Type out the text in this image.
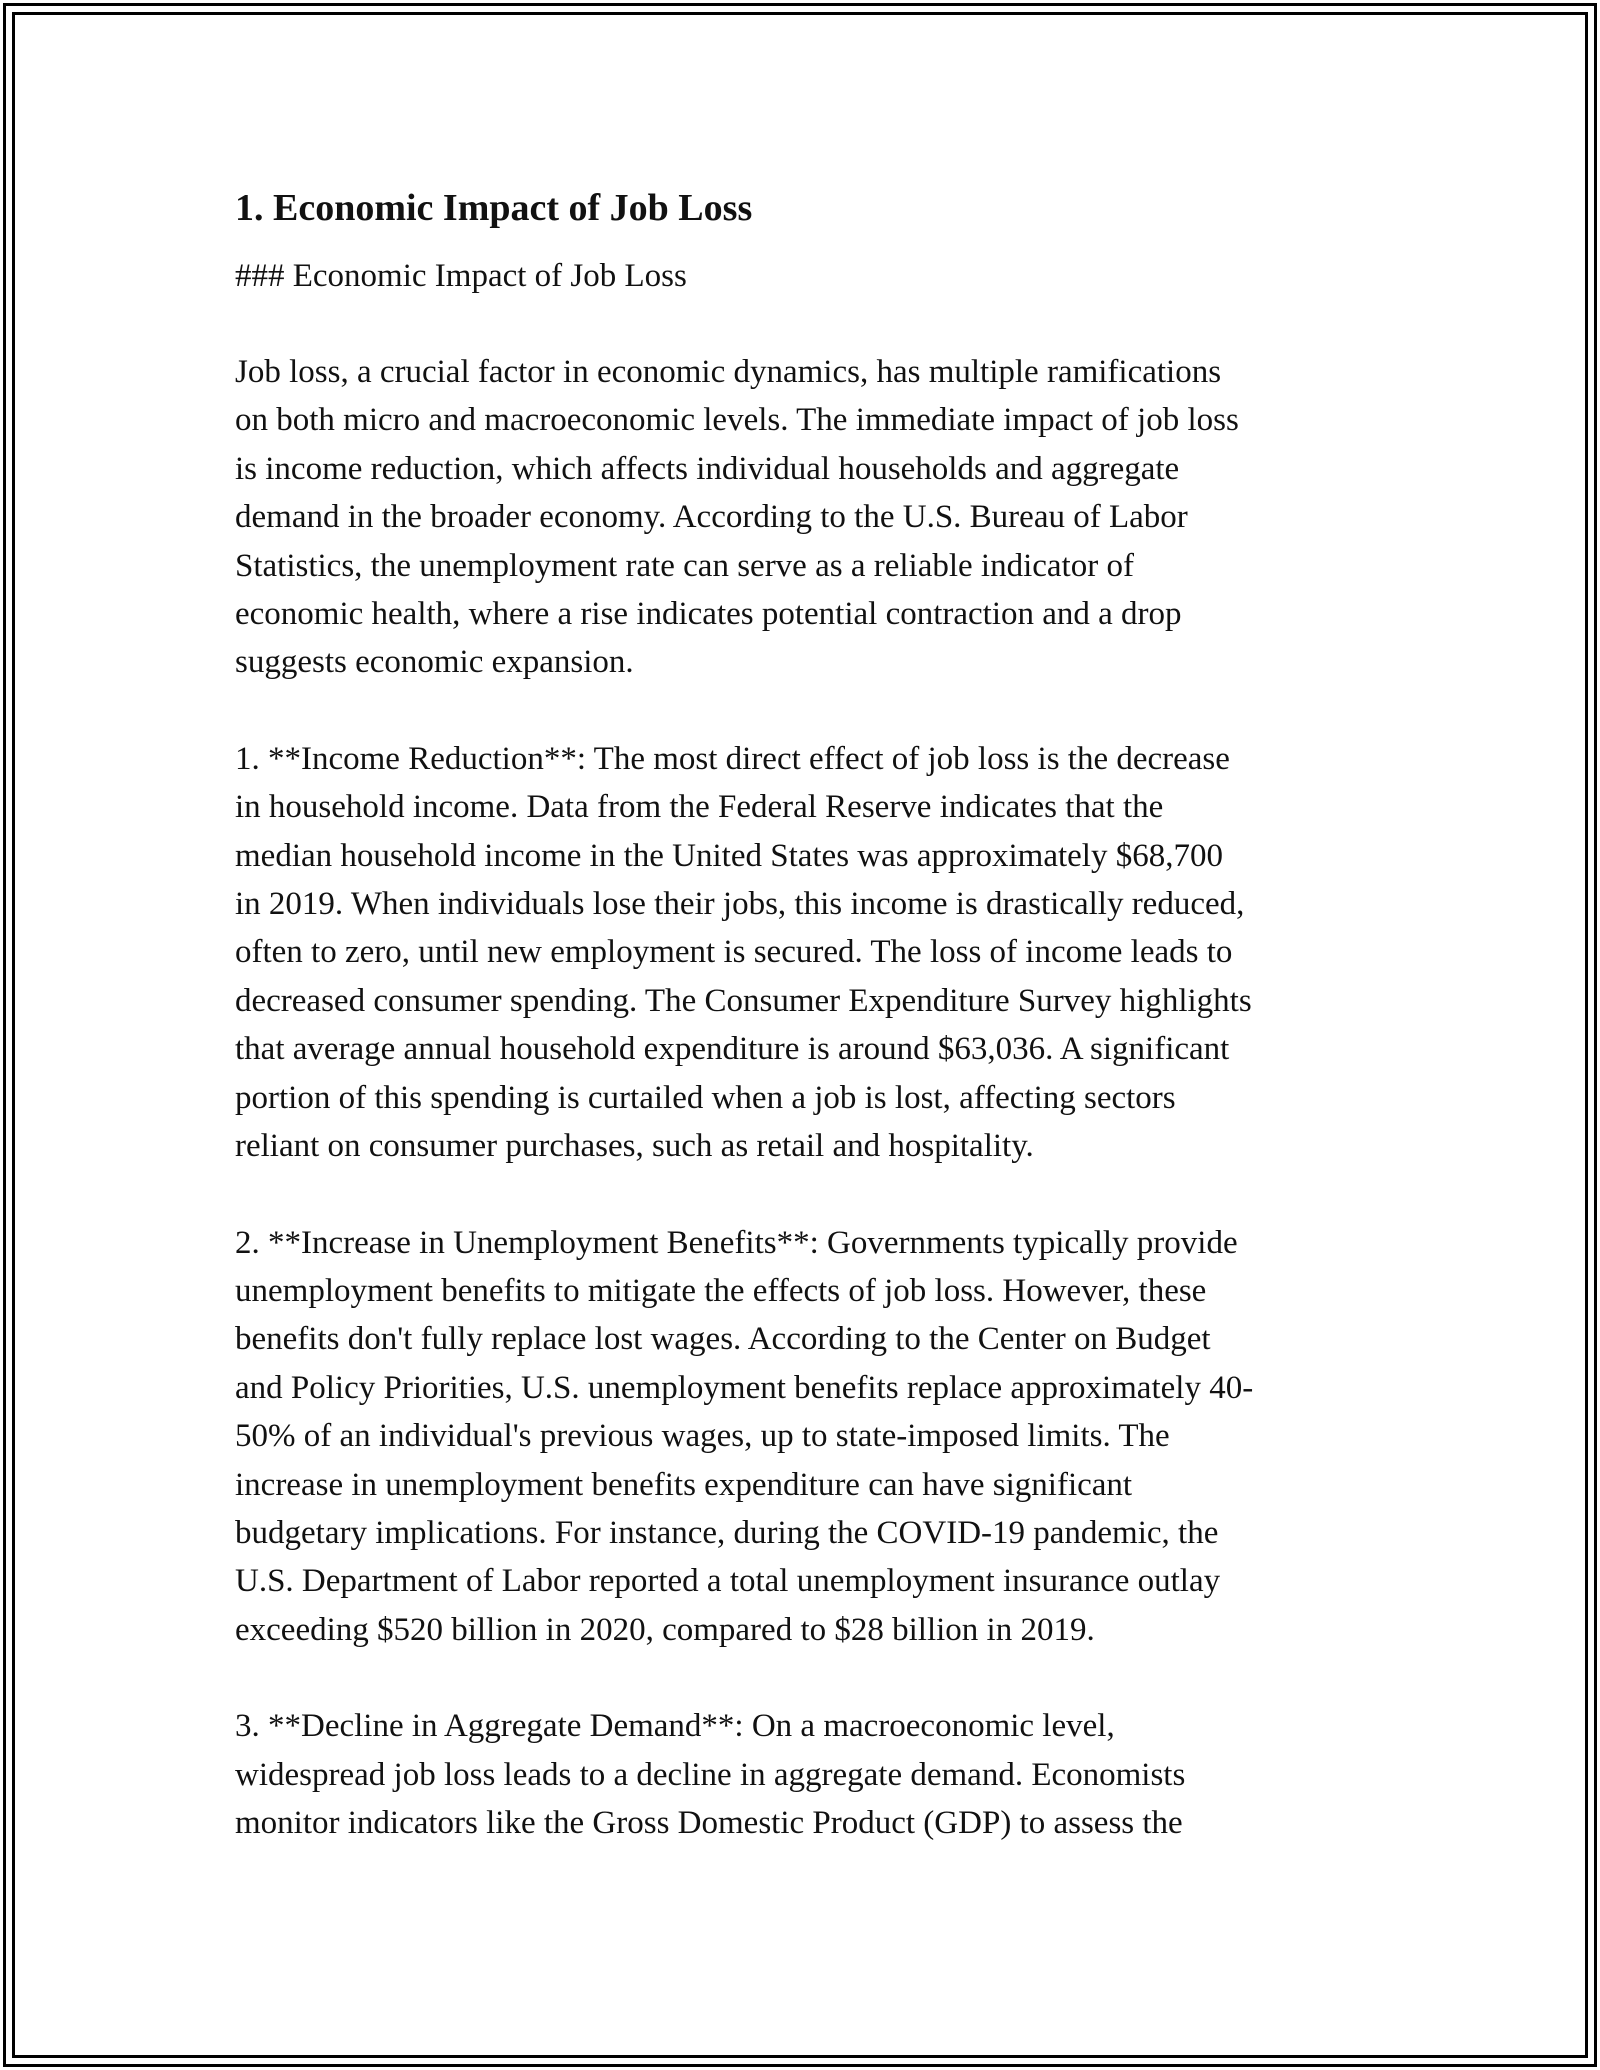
1. Economic Impact of Job Loss
### Economic Impact of Job Loss
Job loss, a crucial factor in economic dynamics, has multiple ramifications
on both micro and macroeconomic levels. The immediate impact of job loss
is income reduction, which affects individual households and aggregate
demand in the broader economy. According to the U.S. Bureau of Labor
Statistics, the unemployment rate can serve as a reliable indicator of
economic health, where a rise indicates potential contraction and a drop
suggests economic expansion.
1. **Income Reduction**: The most direct effect of job loss is the decrease
in household income. Data from the Federal Reserve indicates that the
median household income in the United States was approximately $68,700
in 2019. When individuals lose their jobs, this income is drastically reduced,
often to zero, until new employment is secured. The loss of income leads to
decreased consumer spending. The Consumer Expenditure Survey highlights
that average annual household expenditure is around $63,036. A significant
portion of this spending is curtailed when a job is lost, affecting sectors
reliant on consumer purchases, such as retail and hospitality.
2. **Increase in Unemployment Benefits**: Governments typically provide
unemployment benefits to mitigate the effects of job loss. However, these
benefits don't fully replace lost wages. According to the Center on Budget
and Policy Priorities, U.S. unemployment benefits replace approximately 40-
50% of an individual's previous wages, up to state-imposed limits. The
increase in unemployment benefits expenditure can have significant
budgetary implications. For instance, during the COVID-19 pandemic, the
U.S. Department of Labor reported a total unemployment insurance outlay
exceeding $520 billion in 2020, compared to $28 billion in 2019.
3. **Decline in Aggregate Demand**: On a macroeconomic level,
widespread job loss leads to a decline in aggregate demand. Economists
monitor indicators like the Gross Domestic Product (GDP) to assess the
